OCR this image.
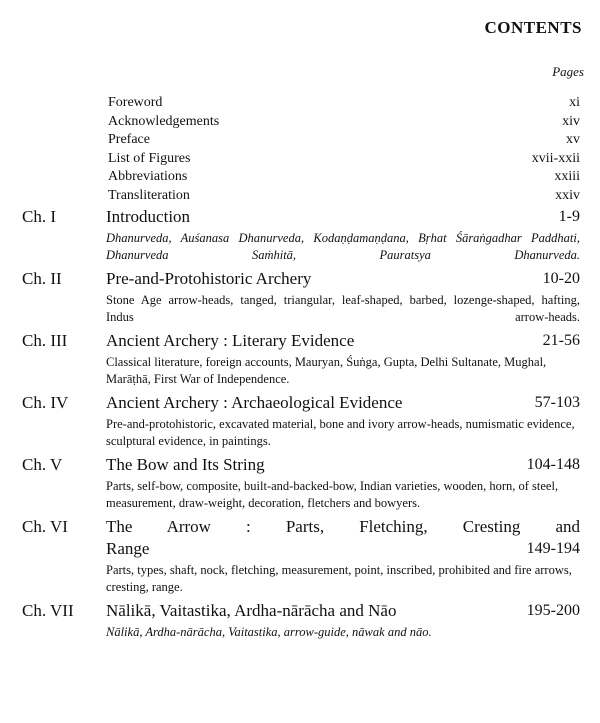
CONTENTS
Pages
Foreword	xi
Acknowledgements	xiv
Preface	xv
List of Figures	xvii-xxii
Abbreviations	xxiii
Transliteration	xxiv
Ch. I	Introduction	1-9
Dhanurveda, Auśanasa Dhanurveda, Kodaṇḍamaṇḍana, Bṛhat Śāraṅgadhar Paddhati, Dhanurveda Saṁhitā, Pauratsya Dhanurveda.
Ch. II	Pre-and-Protohistoric Archery	10-20
Stone Age arrow-heads, tanged, triangular, leaf-shaped, barbed, lozenge-shaped, hafting, Indus arrow-heads.
Ch. III Ancient Archery : Literary Evidence	21-56
Classical literature, foreign accounts, Mauryan, Śuṅga, Gupta, Delhi Sultanate, Mughal, Marāṭhā, First War of Independence.
Ch. IV Ancient Archery : Archaeological Evidence	57-103
Pre-and-protohistoric, excavated material, bone and ivory arrow-heads, numismatic evidence, sculptural evidence, in paintings.
Ch. V	The Bow and Its String	104-148
Parts, self-bow, composite, built-and-backed-bow, Indian varieties, wooden, horn, of steel, measurement, draw-weight, decoration, fletchers and bowyers.
Ch. VI The Arrow : Parts, Fletching, Cresting and
Range	149-194
Parts, types, shaft, nock, fletching, measurement, point, inscribed, prohibited and fire arrows, cresting, range.
Ch. VII Nālikā, Vaitastika, Ardha-nārācha and Nāo	195-200
Nālikā, Ardha-nārācha, Vaitastika, arrow-guide, nāwak and nāo.
